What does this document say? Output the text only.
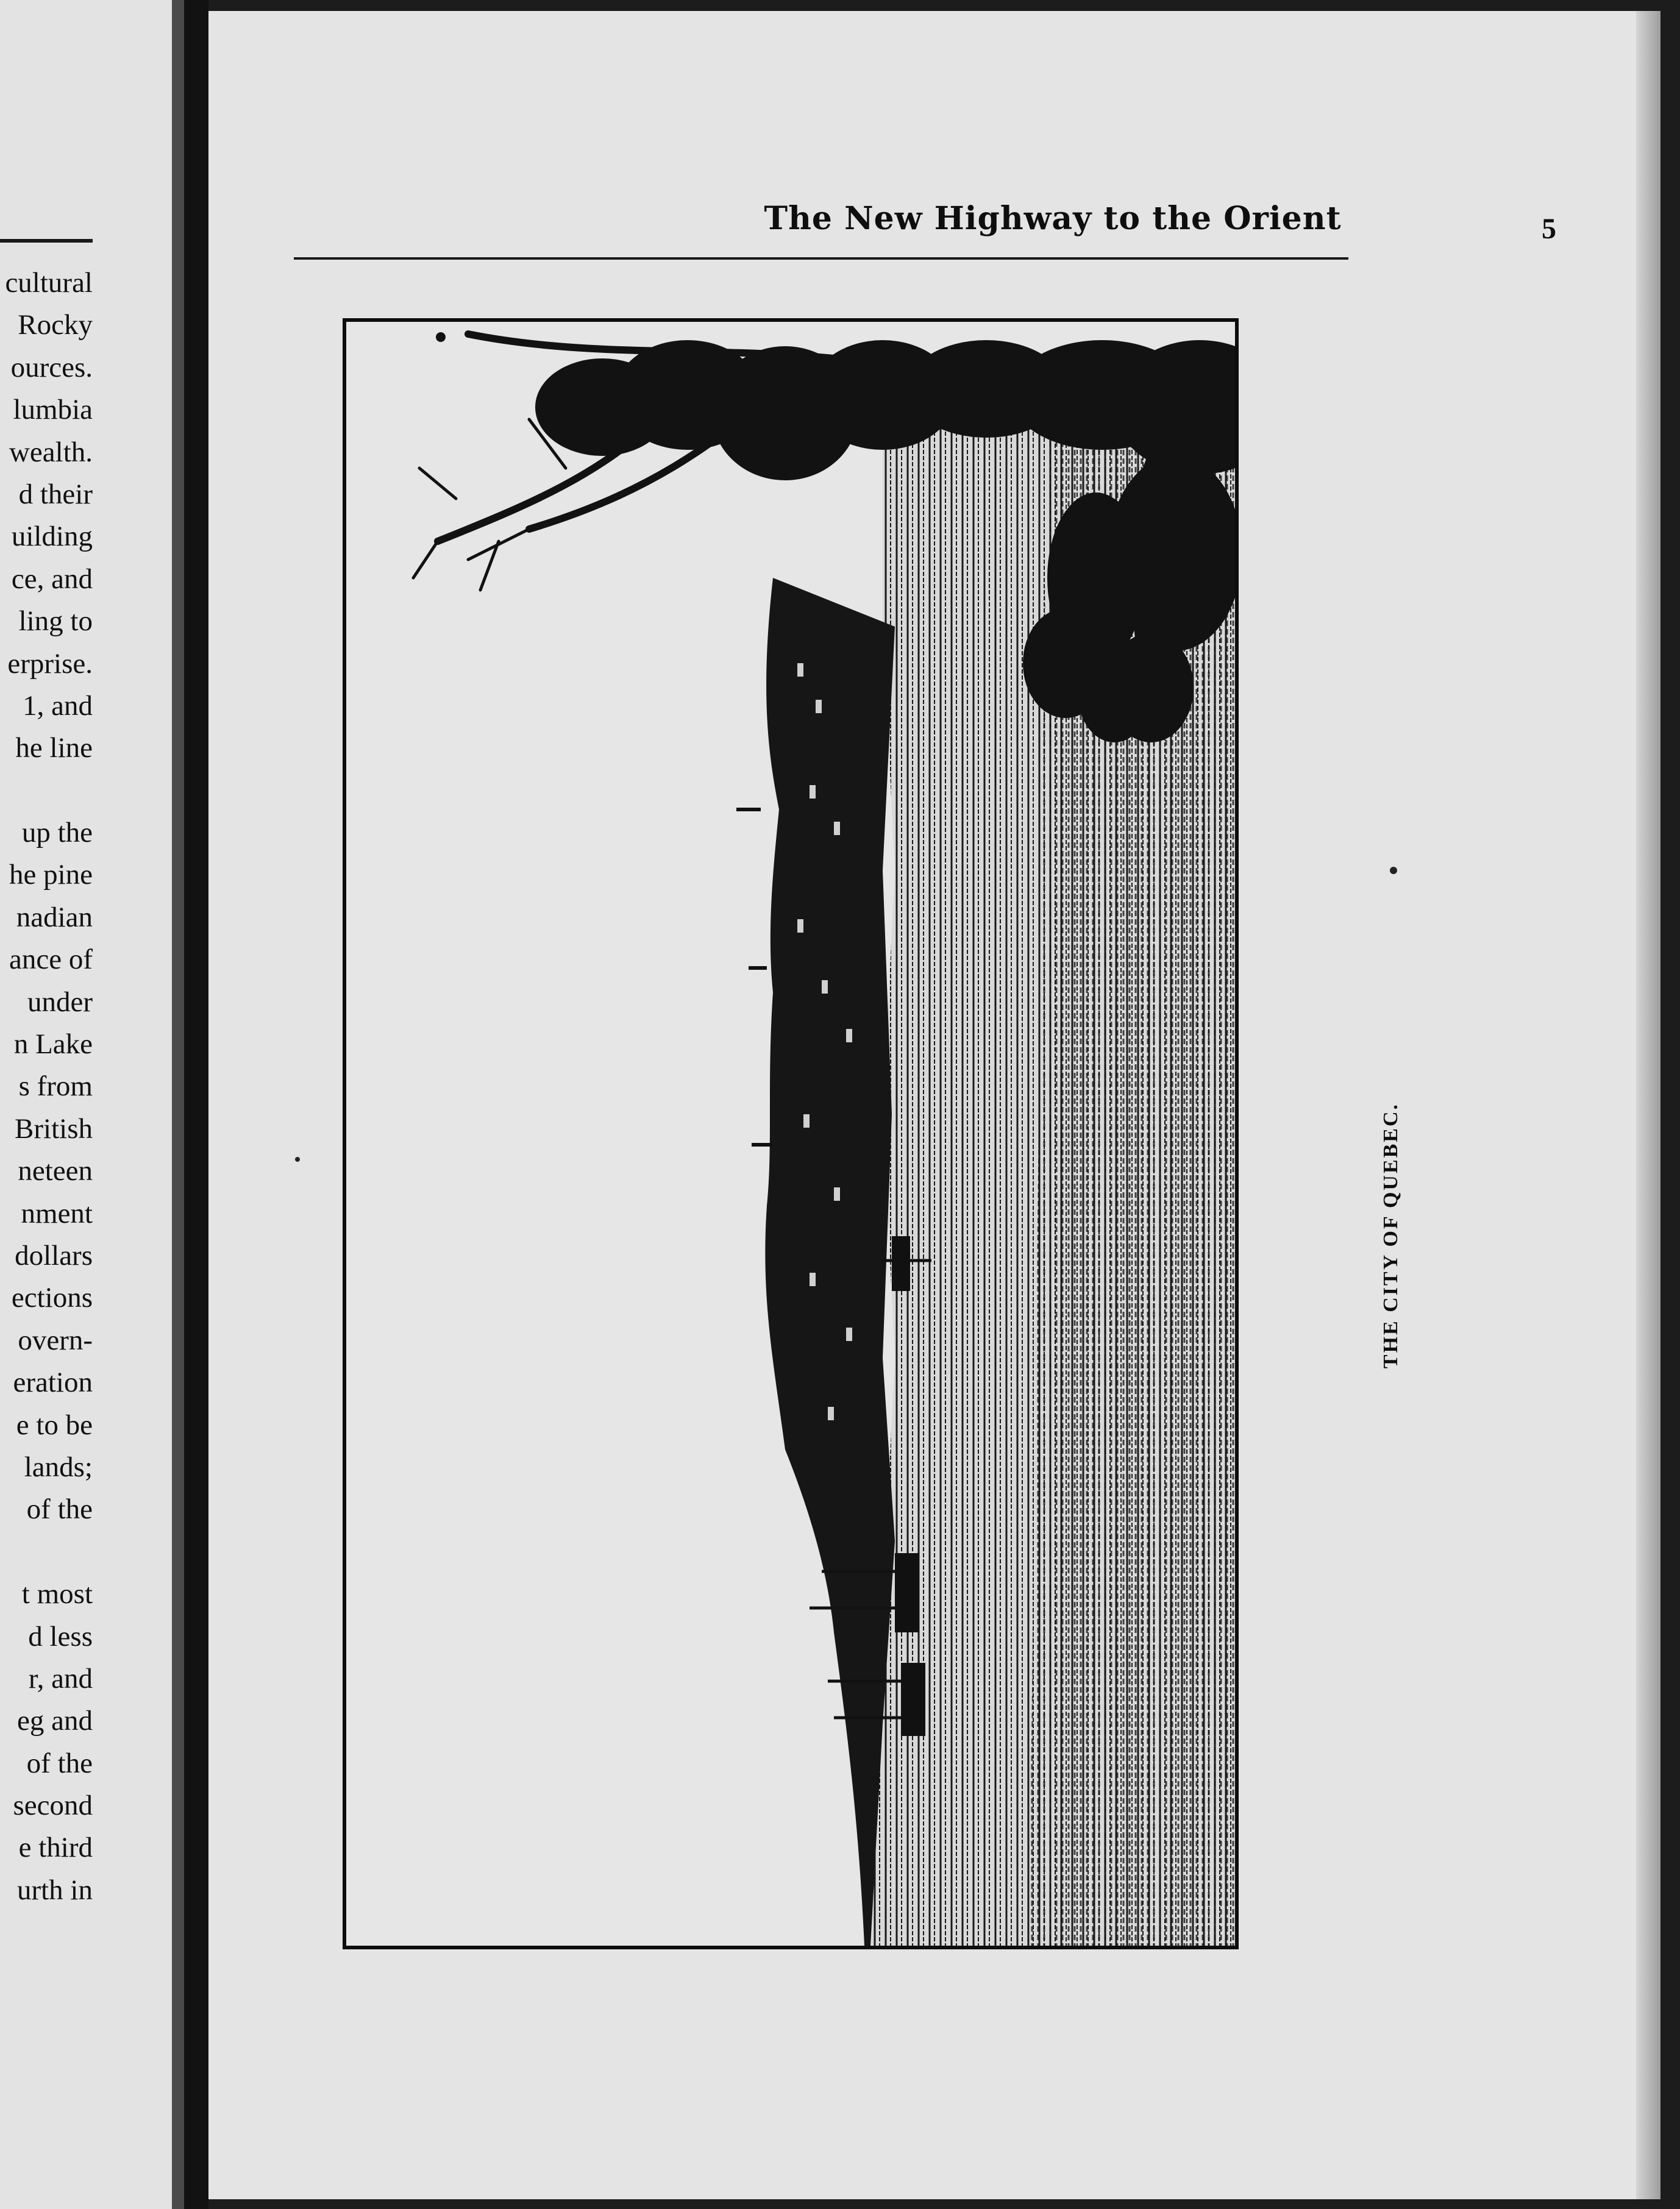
cultural
Rocky
ources.
lumbia
wealth.
d their
uilding
ce, and
ling to
erprise.
1, and
he line
up the
he pine
nadian
ance of
under
n Lake
s from
British
neteen
nment
dollars
ections
overn-
eration
e to be
lands;
of the
t most
d less
r, and
eg and
of the
second
e third
urth in
The New Highway to the Orient	5
THE CITY OF QUEBEC.
